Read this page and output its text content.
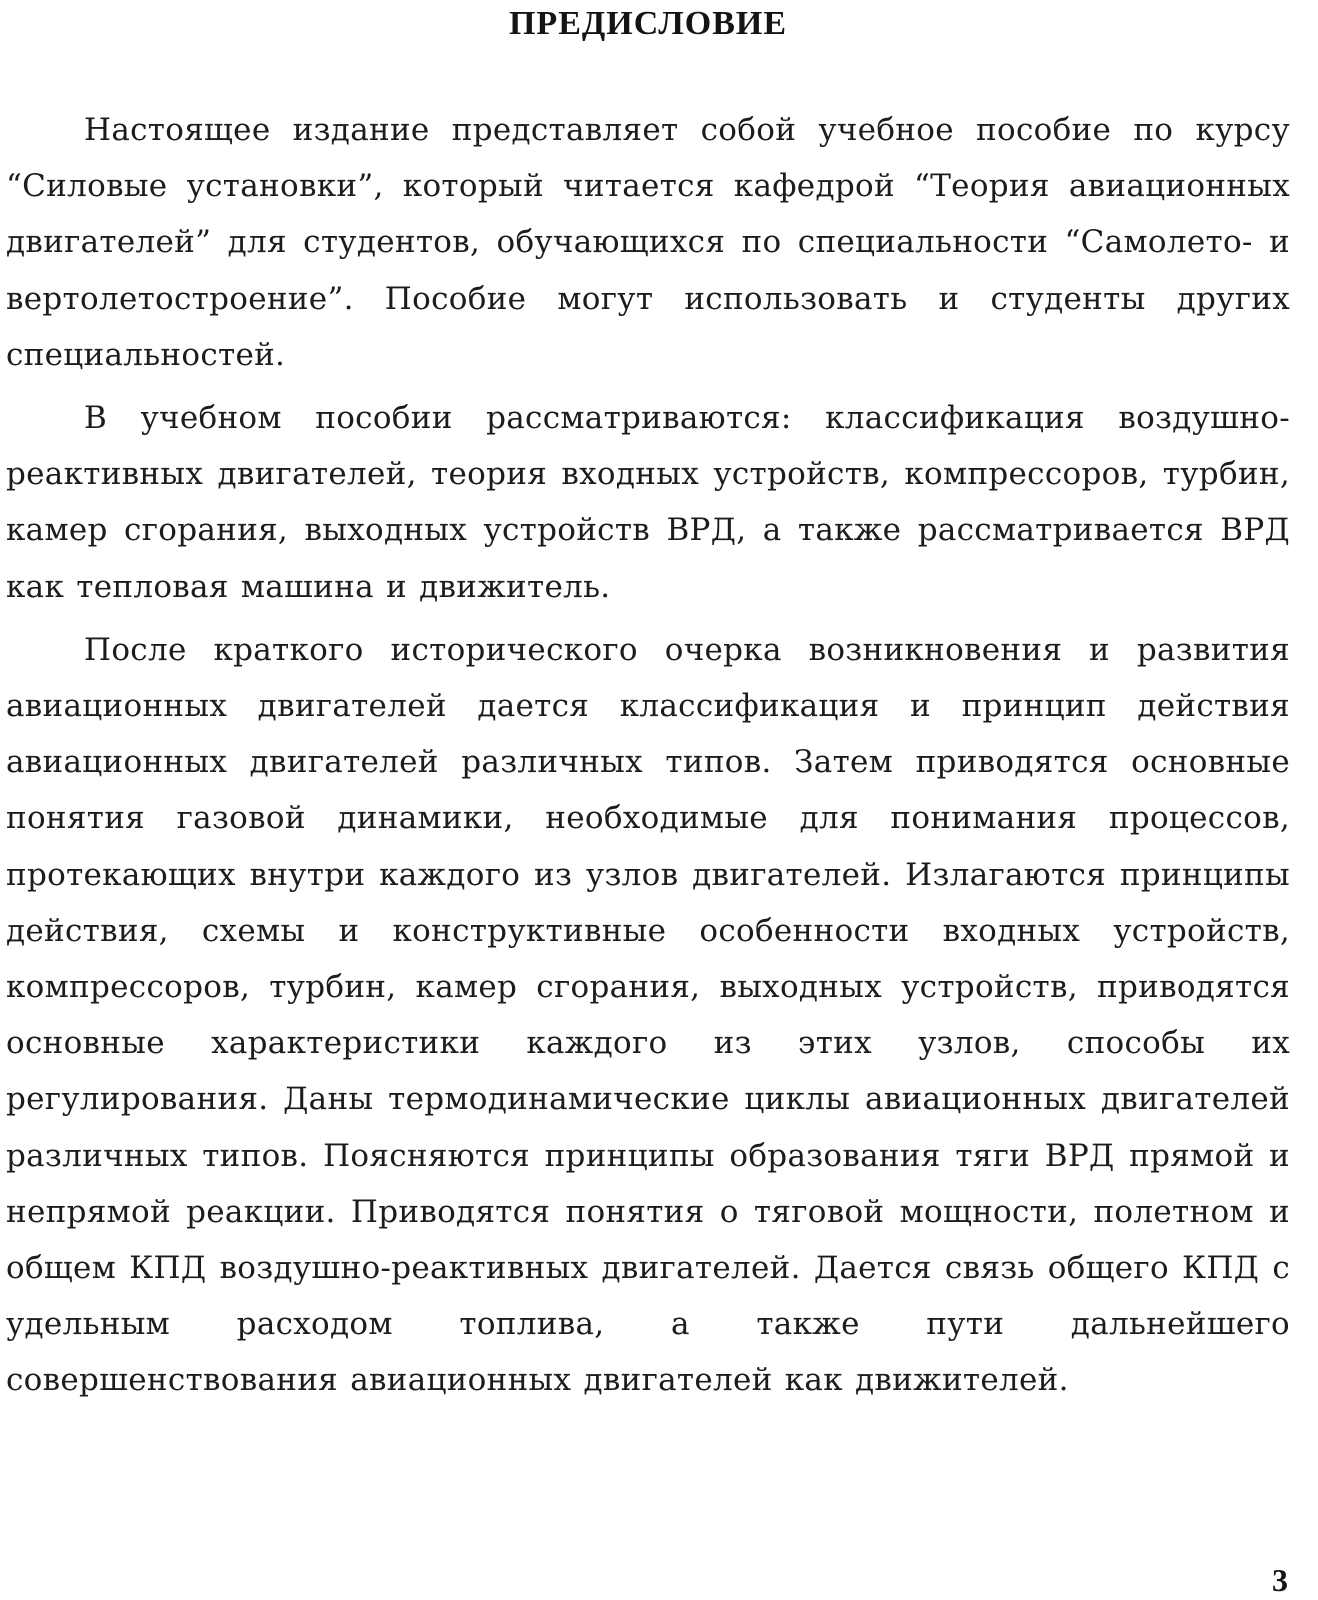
ПРЕДИСЛОВИЕ

Настоящее издание представляет собой учебное пособие по курсу “Силовые установки”, который читается кафедрой “Теория авиационных двигателей” для студентов, обучающихся по специальности “Самолето- и вертолетостроение”. Пособие могут использовать и студенты других специальностей.

В учебном пособии рассматриваются: классификация воздушно-реактивных двигателей, теория входных устройств, компрессоров, турбин, камер сгорания, выходных устройств ВРД, а также рассматривается ВРД как тепловая машина и движитель.

После краткого исторического очерка возникновения и развития авиационных двигателей дается классификация и принцип действия авиационных двигателей различных типов. Затем приводятся основные понятия газовой динамики, необходимые для понимания процессов, протекающих внутри каждого из узлов двигателей. Излагаются принципы действия, схемы и конструктивные особенности входных устройств, компрессоров, турбин, камер сгорания, выходных устройств, приводятся основные характеристики каждого из этих узлов, способы их регулирования. Даны термодинамические циклы авиационных двигателей различных типов. Поясняются принципы образования тяги ВРД прямой и непрямой реакции. Приводятся понятия о тяговой мощности, полетном и общем КПД воздушно-реактивных двигателей. Дается связь общего КПД с удельным расходом топлива, а также пути дальнейшего совершенствования авиационных двигателей как движителей.

3
